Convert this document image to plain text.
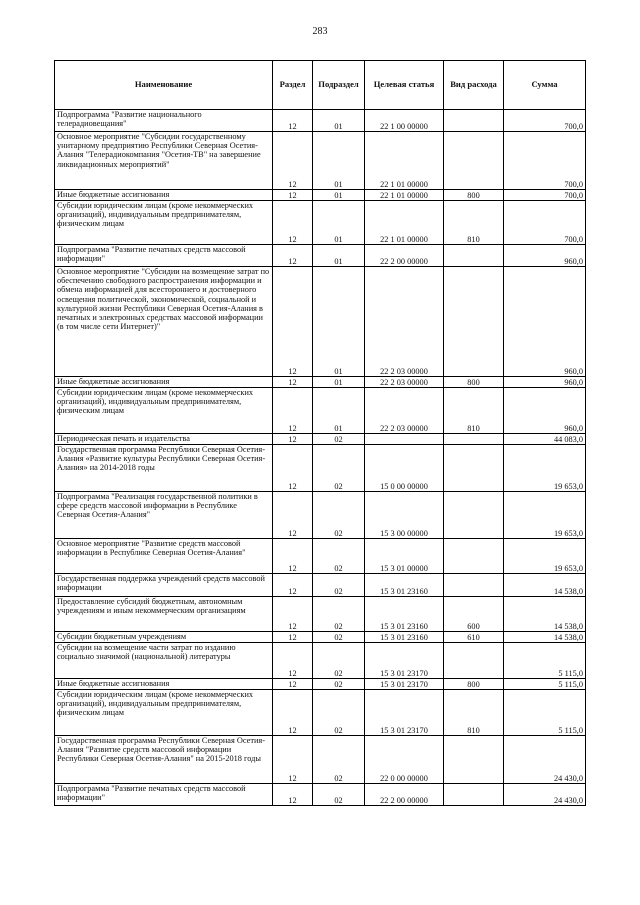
283
Наименование	Раздел	Подраздел	Целевая статья	Вид расхода	Сумма
Подпрограмма "Развитие национального телерадиовещания"	12	01	22 1 00 00000		700,0
Основное мероприятие "Субсидии государственному унитарному предприятию Республики Северная Осетия-Алания "Телерадиокомпания "Осетия-ТВ" на завершение ликвидационных мероприятий"	12	01	22 1 01 00000		700,0
Иные бюджетные ассигнования	12	01	22 1 01 00000	800	700,0
Субсидии юридическим лицам (кроме некоммерческих организаций), индивидуальным предпринимателям, физическим лицам	12	01	22 1 01 00000	810	700,0
Подпрограмма "Развитие печатных средств массовой информации"	12	01	22 2 00 00000		960,0
Основное мероприятие "Субсидии на возмещение затрат по обеспечению свободного распространения информации и обмена информацией для всестороннего и достоверного освещения политической, экономической, социальной и культурной жизни Республики Северная Осетия-Алания в печатных и электронных средствах массовой информации (в том числе сети Интернет)"	12	01	22 2 03 00000		960,0
Иные бюджетные ассигнования	12	01	22 2 03 00000	800	960,0
Субсидии юридическим лицам (кроме некоммерческих организаций), индивидуальным предпринимателям, физическим лицам	12	01	22 2 03 00000	810	960,0
Периодическая печать и издательства	12	02			44 083,0
Государственная программа Республики Северная Осетия-Алания «Развитие культуры Республики Северная Осетия-Алания» на 2014-2018 годы	12	02	15 0 00 00000		19 653,0
Подпрограмма "Реализация государственной политики в сфере средств массовой информации в Республике Северная Осетия-Алания"	12	02	15 3 00 00000		19 653,0
Основное мероприятие "Развитие средств массовой информации в Республике Северная Осетия-Алания"	12	02	15 3 01 00000		19 653,0
Государственная поддержка учреждений средств массовой информации	12	02	15 3 01 23160		14 538,0
Предоставление субсидий бюджетным, автономным учреждениям и иным некоммерческим организациям	12	02	15 3 01 23160	600	14 538,0
Субсидии бюджетным учреждениям	12	02	15 3 01 23160	610	14 538,0
Субсидии на возмещение части затрат по изданию социально значимой (национальной) литературы	12	02	15 3 01 23170		5 115,0
Иные бюджетные ассигнования	12	02	15 3 01 23170	800	5 115,0
Субсидии юридическим лицам (кроме некоммерческих организаций), индивидуальным предпринимателям, физическим лицам	12	02	15 3 01 23170	810	5 115,0
Государственная программа Республики Северная Осетия-Алания "Развитие средств массовой информации Республики Северная Осетия-Алания" на 2015-2018 годы	12	02	22 0 00 00000		24 430,0
Подпрограмма "Развитие печатных средств массовой информации"	12	02	22 2 00 00000		24 430,0
